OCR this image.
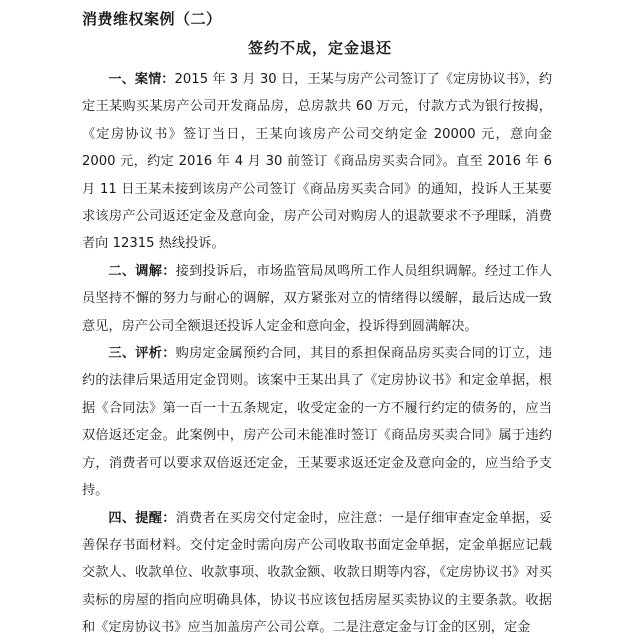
消费维权案例（二）
签约不成，定金退还

一、案情：2015 年 3 月 30 日，王某与房产公司签订了《定房协议书》，约定王某购买某房产公司开发商品房，总房款共 60 万元，付款方式为银行按揭，《定房协议书》签订当日，王某向该房产公司交纳定金 20000 元，意向金 2000 元，约定 2016 年 4 月 30 前签订《商品房买卖合同》。直至 2016 年 6 月 11 日王某未接到该房产公司签订《商品房买卖合同》的通知，投诉人王某要求该房产公司返还定金及意向金，房产公司对购房人的退款要求不予理睬，消费者向 12315 热线投诉。

二、调解：接到投诉后，市场监管局凤鸣所工作人员组织调解。经过工作人员坚持不懈的努力与耐心的调解，双方紧张对立的情绪得以缓解，最后达成一致意见，房产公司全额退还投诉人定金和意向金，投诉得到圆满解决。

三、评析：购房定金属预约合同，其目的系担保商品房买卖合同的订立，违约的法律后果适用定金罚则。该案中王某出具了《定房协议书》和定金单据，根据《合同法》第一百一十五条规定，收受定金的一方不履行约定的债务的，应当双倍返还定金。此案例中，房产公司未能准时签订《商品房买卖合同》属于违约方，消费者可以要求双倍返还定金，王某要求返还定金及意向金的，应当给予支持。

四、提醒：消费者在买房交付定金时，应注意：一是仔细审查定金单据，妥善保存书面材料。交付定金时需向房产公司收取书面定金单据，定金单据应记载交款人、收款单位、收款事项、收款金额、收款日期等内容，《定房协议书》对买卖标的房屋的指向应明确具体，协议书应该包括房屋买卖协议的主要条款。收据和《定房协议书》应当加盖房产公司公章。二是注意定金与订金的区别，定金
